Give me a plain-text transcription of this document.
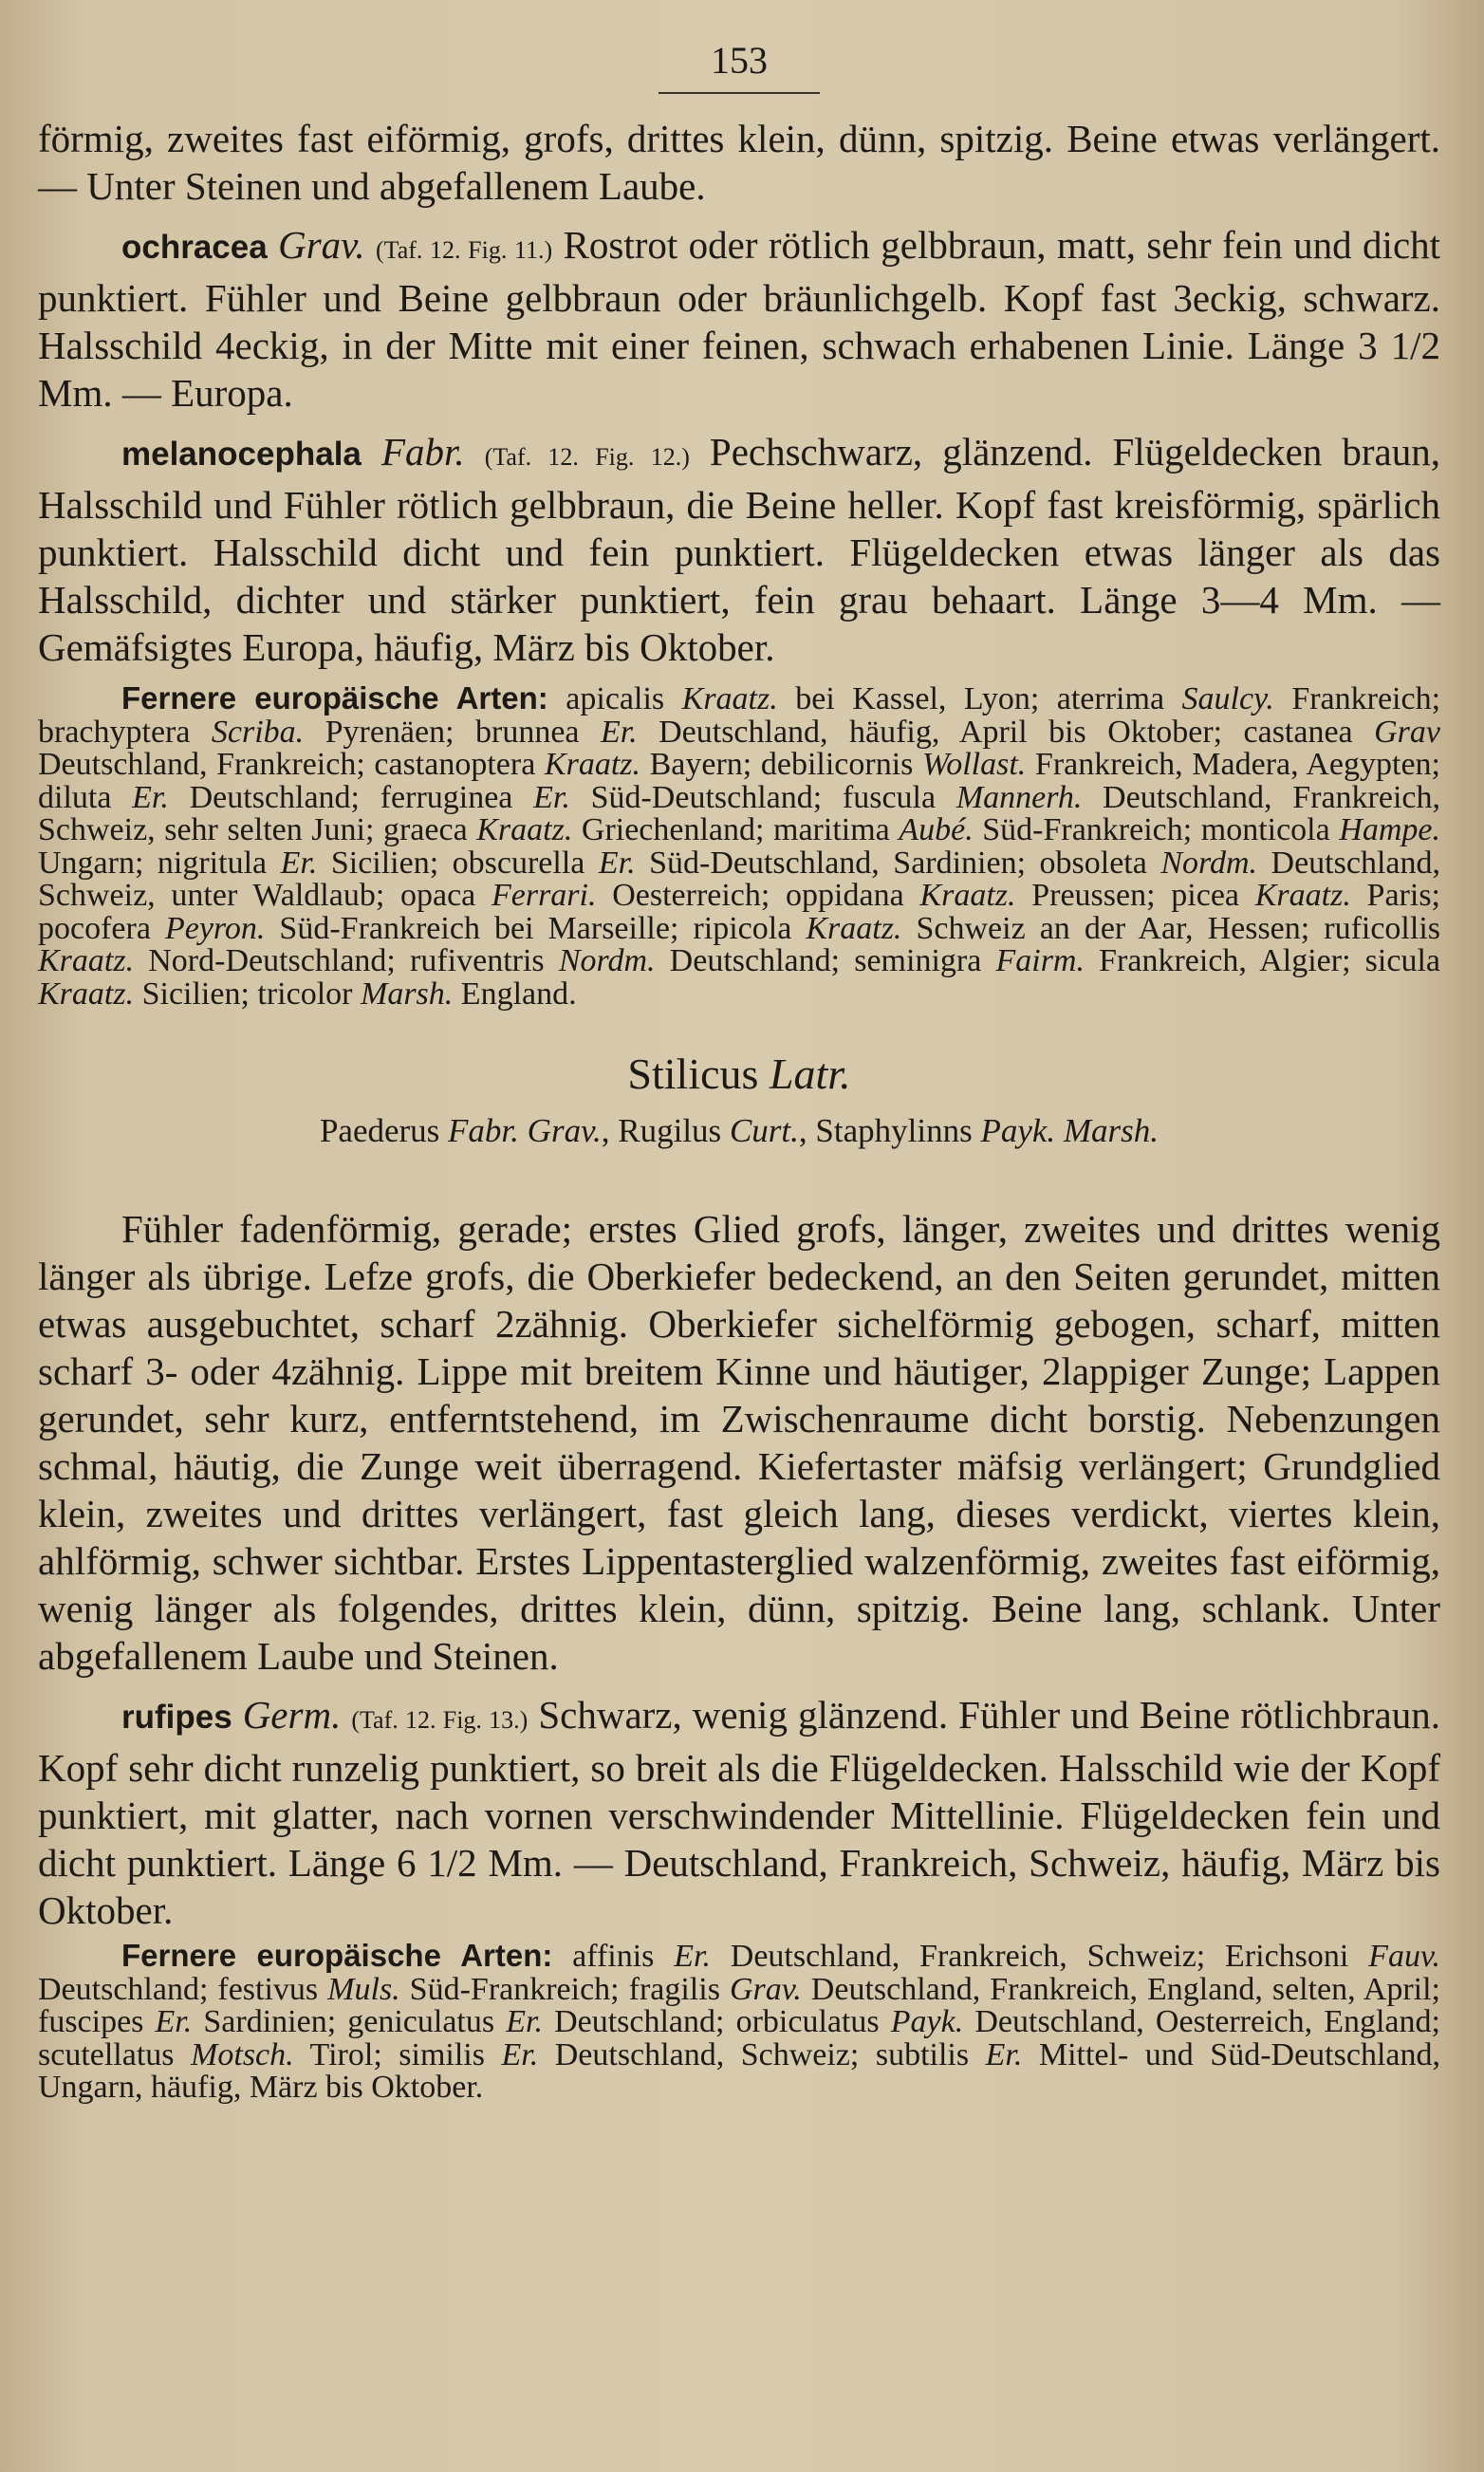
153

förmig, zweites fast eiförmig, grofs, drittes klein, dünn, spitzig. Beine etwas verlängert. — Unter Steinen und abgefallenem Laube.

ochracea Grav. (Taf. 12. Fig. 11.) Rostrot oder rötlich gelbbraun, matt, sehr fein und dicht punktiert. Fühler und Beine gelbbraun oder bräunlichgelb. Kopf fast 3eckig, schwarz. Halsschild 4eckig, in der Mitte mit einer feinen, schwach erhabenen Linie. Länge 3 1/2 Mm. — Europa.

melanocephala Fabr. (Taf. 12. Fig. 12.) Pechschwarz, glänzend. Flügeldecken braun, Halsschild und Fühler rötlich gelbbraun, die Beine heller. Kopf fast kreisförmig, spärlich punktiert. Halsschild dicht und fein punktiert. Flügeldecken etwas länger als das Halsschild, dichter und stärker punktiert, fein grau behaart. Länge 3—4 Mm. — Gemäfsigtes Europa, häufig, März bis Oktober.

Fernere europäische Arten: apicalis Kraatz. bei Kassel, Lyon; aterrima Saulcy. Frankreich; brachyptera Scriba. Pyrenäen; brunnea Er. Deutschland, häufig, April bis Oktober; castanea Grav Deutschland, Frankreich; castanoptera Kraatz. Bayern; debilicornis Wollast. Frankreich, Madera, Aegypten; diluta Er. Deutschland; ferruginea Er. Süd-Deutschland; fuscula Mannerh. Deutschland, Frankreich, Schweiz, sehr selten Juni; graeca Kraatz. Griechenland; maritima Aubé. Süd-Frankreich; monticola Hampe. Ungarn; nigritula Er. Sicilien; obscurella Er. Süd-Deutschland, Sardinien; obsoleta Nordm. Deutschland, Schweiz, unter Waldlaub; opaca Ferrari. Oesterreich; oppidana Kraatz. Preussen; picea Kraatz. Paris; pocofera Peyron. Süd-Frankreich bei Marseille; ripicola Kraatz. Schweiz an der Aar, Hessen; ruficollis Kraatz. Nord-Deutschland; rufiventris Nordm. Deutschland; seminigra Fairm. Frankreich, Algier; sicula Kraatz. Sicilien; tricolor Marsh. England.

Stilicus Latr.
Paederus Fabr. Grav., Rugilus Curt., Staphylinns Payk. Marsh.

Fühler fadenförmig, gerade; erstes Glied grofs, länger, zweites und drittes wenig länger als übrige. Lefze grofs, die Oberkiefer bedeckend, an den Seiten gerundet, mitten etwas ausgebuchtet, scharf 2zähnig. Oberkiefer sichelförmig gebogen, scharf, mitten scharf 3- oder 4zähnig. Lippe mit breitem Kinne und häutiger, 2lappiger Zunge; Lappen gerundet, sehr kurz, entferntstehend, im Zwischenraume dicht borstig. Nebenzungen schmal, häutig, die Zunge weit überragend. Kiefertaster mäfsig verlängert; Grundglied klein, zweites und drittes verlängert, fast gleich lang, dieses verdickt, viertes klein, ahlförmig, schwer sichtbar. Erstes Lippentasterglied walzenförmig, zweites fast eiförmig, wenig länger als folgendes, drittes klein, dünn, spitzig. Beine lang, schlank. Unter abgefallenem Laube und Steinen.

rufipes Germ. (Taf. 12. Fig. 13.) Schwarz, wenig glänzend. Fühler und Beine rötlichbraun. Kopf sehr dicht runzelig punktiert, so breit als die Flügeldecken. Halsschild wie der Kopf punktiert, mit glatter, nach vornen verschwindender Mittellinie. Flügeldecken fein und dicht punktiert. Länge 6 1/2 Mm. — Deutschland, Frankreich, Schweiz, häufig, März bis Oktober.

Fernere europäische Arten: affinis Er. Deutschland, Frankreich, Schweiz; Erichsoni Fauv. Deutschland; festivus Muls. Süd-Frankreich; fragilis Grav. Deutschland, Frankreich, England, selten, April; fuscipes Er. Sardinien; geniculatus Er. Deutschland; orbiculatus Payk. Deutschland, Oesterreich, England; scutellatus Motsch. Tirol; similis Er. Deutschland, Schweiz; subtilis Er. Mittel- und Süd-Deutschland, Ungarn, häufig, März bis Oktober.
